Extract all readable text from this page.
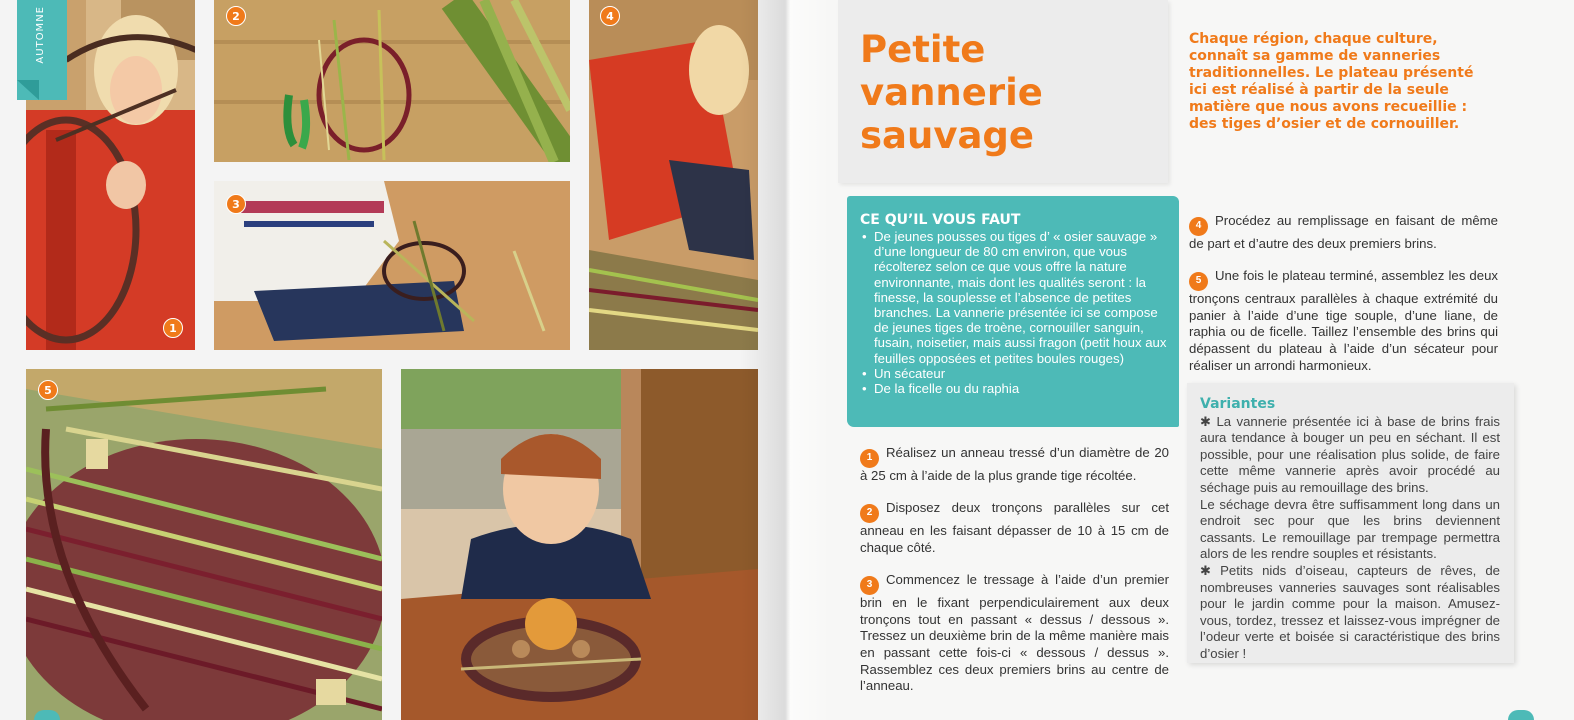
1
2
3
4
5
AUTOMNE	Petite vannerie sauvage

Chaque région, chaque culture, connaît sa gamme de vanneries traditionnelles. Le plateau présenté ici est réalisé à partir de la seule matière que nous avons recueillie : des tiges d’osier et de cornouiller.

CE QU’IL VOUS FAUT
• De jeunes pousses ou tiges d’ « osier sauvage » d’une longueur de 80 cm environ, que vous récolterez selon ce que vous offre la nature environnante, mais dont les qualités seront : la finesse, la souplesse et l’absence de petites branches. La vannerie présentée ici se compose de jeunes tiges de troène, cornouiller sanguin, fusain, noisetier, mais aussi fragon (petit houx aux feuilles opposées et petites boules rouges)
• Un sécateur
• De la ficelle ou du raphia
1 Réalisez un anneau tressé d’un diamètre de 20 à 25 cm à l’aide de la plus grande tige récoltée.
2 Disposez deux tronçons parallèles sur cet anneau en les faisant dépasser de 10 à 15 cm de chaque côté.
3 Commencez le tressage à l’aide d’un premier brin en le fixant perpendiculairement aux deux tronçons tout en passant « dessus / dessous ». Tressez un deuxième brin de la même manière mais en passant cette fois-ci « dessous / dessus ». Rassemblez ces deux premiers brins au centre de l’anneau.
4 Procédez au remplissage en faisant de même de part et d’autre des deux premiers brins.
5 Une fois le plateau terminé, assemblez les deux tronçons centraux parallèles à chaque extrémité du panier à l’aide d’une tige souple, d’une liane, de raphia ou de ficelle. Taillez l’ensemble des brins qui dépassent du plateau à l’aide d’un sécateur pour réaliser un arrondi harmonieux.
Variantes

✱ La vannerie présentée ici à base de brins frais aura tendance à bouger un peu en séchant. Il est possible, pour une réalisation plus solide, de faire cette même vannerie après avoir procédé au séchage puis au remouillage des brins.

Le séchage devra être suffisamment long dans un endroit sec pour que les brins deviennent cassants. Le remouillage par trempage permettra alors de les rendre souples et résistants.

✱ Petits nids d’oiseau, capteurs de rêves, de nombreuses vanneries sauvages sont réalisables pour le jardin comme pour la maison. Amusez-vous, tordez, tressez et laissez-vous imprégner de l’odeur verte et boisée si caractéristique des brins d’osier !
